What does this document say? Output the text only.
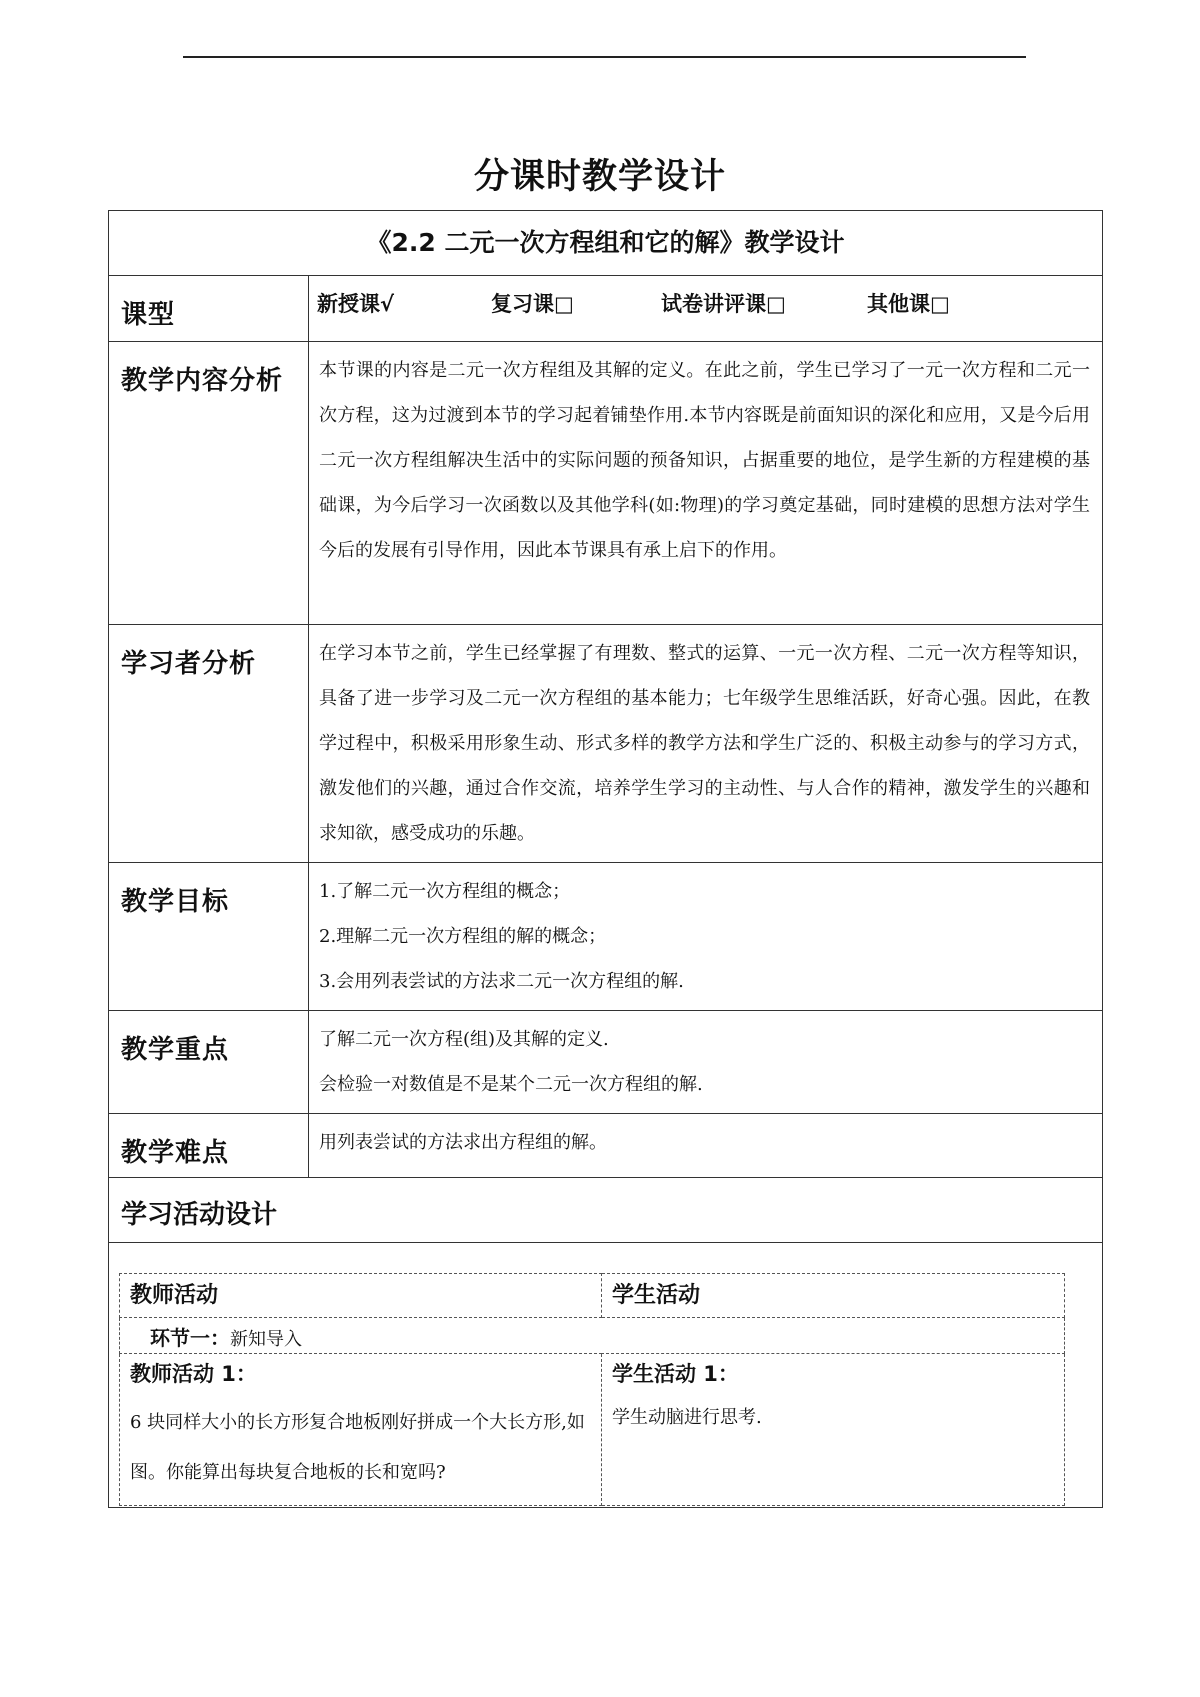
分课时教学设计
《2.2 二元一次方程组和它的解》教学设计
课型	新授课√	复习课□	试卷讲评课□	其他课□

教学内容分析	本节课的内容是二元一次方程组及其解的定义。在此之前，学生已学习了一元一次方程和二元一次方程，这为过渡到本节的学习起着铺垫作用.本节内容既是前面知识的深化和应用，又是今后用二元一次方程组解决生活中的实际问题的预备知识，占据重要的地位，是学生新的方程建模的基础课，为今后学习一次函数以及其他学科(如:物理)的学习奠定基础，同时建模的思想方法对学生今后的发展有引导作用，因此本节课具有承上启下的作用。
学习者分析	在学习本节之前，学生已经掌握了有理数、整式的运算、一元一次方程、二元一次方程等知识，具备了进一步学习及二元一次方程组的基本能力；七年级学生思维活跃，好奇心强。因此，在教学过程中，积极采用形象生动、形式多样的教学方法和学生广泛的、积极主动参与的学习方式，激发他们的兴趣，通过合作交流，培养学生学习的主动性、与人合作的精神，激发学生的兴趣和求知欲，感受成功的乐趣。
教学目标	1.了解二元一次方程组的概念；
2.理解二元一次方程组的解的概念；
3.会用列表尝试的方法求二元一次方程组的解.

教学重点	了解二元一次方程(组)及其解的定义.
会检验一对数值是不是某个二元一次方程组的解.

教学难点	用列表尝试的方法求出方程组的解。

学习活动设计

教师活动	学生活动
环节一：新知导入

教师活动 1：
6 块同样大小的长方形复合地板刚好拼成一个大长方形,如图。你能算出每块复合地板的长和宽吗?

学生活动 1：
学生动脑进行思考.
